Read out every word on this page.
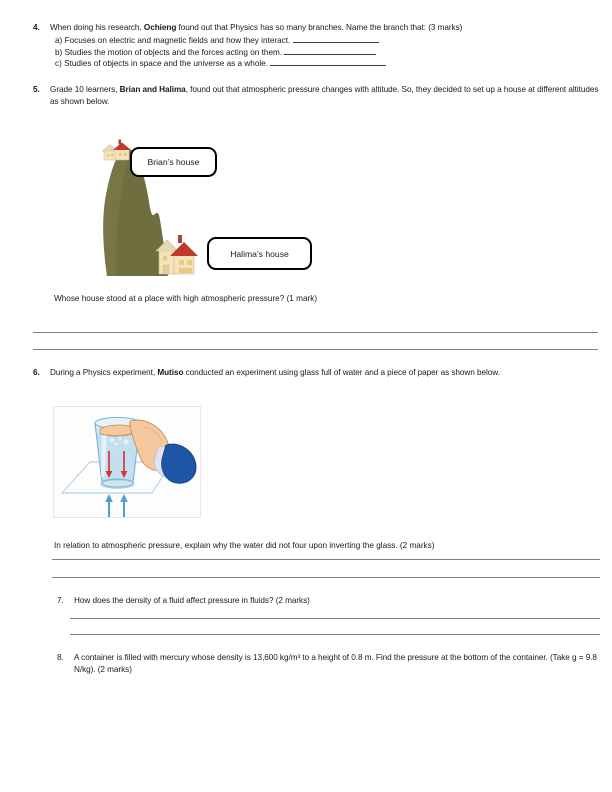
4.	When doing his research, Ochieng found out that Physics has so many branches. Name the branch that: (3 marks)
a) Focuses on electric and magnetic fields and how they interact.
b) Studies the motion of objects and the forces acting on them.
c) Studies of objects in space and the universe as a whole.
5.	Grade 10 learners, Brian and Halima, found out that atmospheric pressure changes with altitude. So, they decided to set up a house at different altitudes as shown below.
Brian’s house
Halima’s house
Whose house stood at a place with high atmospheric pressure? (1 mark)
6.	During a Physics experiment, Mutiso conducted an experiment using glass full of water and a piece of paper as shown below.
In relation to atmospheric pressure, explain why the water did not four upon inverting the glass. (2 marks)
7.	How does the density of a fluid affect pressure in fluids? (2 marks)
8.	A container is filled with mercury whose density is 13,600 kg/m³ to a height of 0.8 m. Find the pressure at the bottom of the container. (Take g = 9.8 N/kg). (2 marks)
